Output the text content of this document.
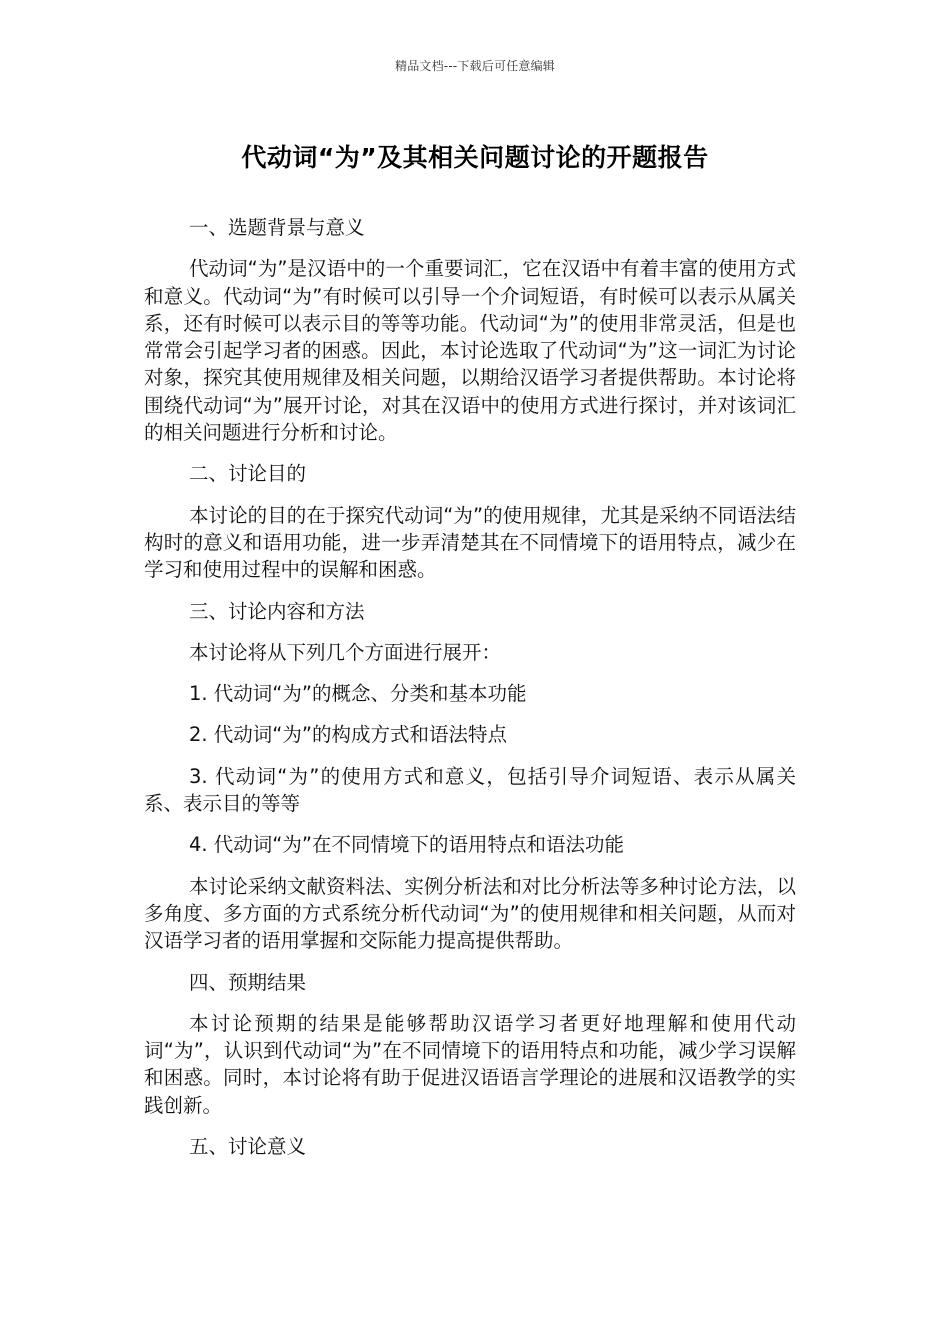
精品文档---下载后可任意编辑
代动词“为”及其相关问题讨论的开题报告

一、选题背景与意义

代动词“为”是汉语中的一个重要词汇，它在汉语中有着丰富的使用方式和意义。代动词“为”有时候可以引导一个介词短语，有时候可以表示从属关系，还有时候可以表示目的等等功能。代动词“为”的使用非常灵活，但是也常常会引起学习者的困惑。因此，本讨论选取了代动词“为”这一词汇为讨论对象，探究其使用规律及相关问题，以期给汉语学习者提供帮助。本讨论将围绕代动词“为”展开讨论，对其在汉语中的使用方式进行探讨，并对该词汇的相关问题进行分析和讨论。

二、讨论目的

本讨论的目的在于探究代动词“为”的使用规律，尤其是采纳不同语法结构时的意义和语用功能，进一步弄清楚其在不同情境下的语用特点，减少在学习和使用过程中的误解和困惑。

三、讨论内容和方法

本讨论将从下列几个方面进行展开：

1. 代动词“为”的概念、分类和基本功能

2. 代动词“为”的构成方式和语法特点

3. 代动词“为”的使用方式和意义，包括引导介词短语、表示从属关系、表示目的等等

4. 代动词“为”在不同情境下的语用特点和语法功能

本讨论采纳文献资料法、实例分析法和对比分析法等多种讨论方法，以多角度、多方面的方式系统分析代动词“为”的使用规律和相关问题，从而对汉语学习者的语用掌握和交际能力提高提供帮助。

四、预期结果

本讨论预期的结果是能够帮助汉语学习者更好地理解和使用代动词“为”，认识到代动词“为”在不同情境下的语用特点和功能，减少学习误解和困惑。同时，本讨论将有助于促进汉语语言学理论的进展和汉语教学的实践创新。

五、讨论意义
